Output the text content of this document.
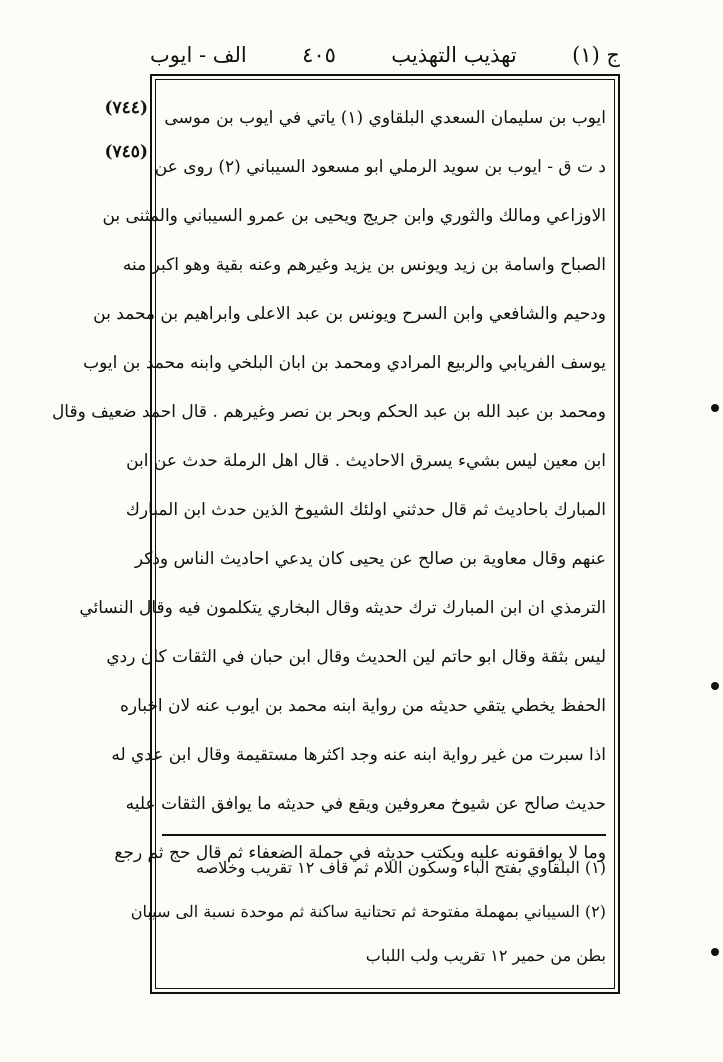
ج (۱)
تهذيب التهذيب
٤٠٥
الف - ايوب
(٧٤٤)
(٧٤٥)
ايوب بن سليمان السعدي البلقاوي (١) ياتي في ايوب بن موسى
د ت ق - ايوب بن سويد الرملي ابو مسعود السيباني (٢) روى عن
الاوزاعي ومالك والثوري وابن جريج ويحيى بن عمرو السيباني والمثنى بن
الصباح واسامة بن زيد ويونس بن يزيد وغيرهم وعنه بقية وهو اكبر منه
ودحيم والشافعي وابن السرح ويونس بن عبد الاعلى وابراهيم بن محمد بن
يوسف الفريابي والربيع المرادي ومحمد بن ابان البلخي وابنه محمد بن ايوب
ومحمد بن عبد الله بن عبد الحكم وبحر بن نصر وغيرهم . قال احمد ضعيف وقال
ابن معين ليس بشيء يسرق الاحاديث . قال اهل الرملة حدث عن ابن
المبارك باحاديث ثم قال حدثني اولئك الشيوخ الذين حدث ابن المبارك
عنهم وقال معاوية بن صالح عن يحيى كان يدعي احاديث الناس وذكر
الترمذي ان ابن المبارك ترك حديثه وقال البخاري يتكلمون فيه وقال النسائي
ليس بثقة وقال ابو حاتم لين الحديث وقال ابن حبان في الثقات كان ردي
الحفظ يخطي يتقي حديثه من رواية ابنه محمد بن ايوب عنه لان اخباره
اذا سبرت من غير رواية ابنه عنه وجد اكثرها مستقيمة وقال ابن عدي له
حديث صالح عن شيوخ معروفين ويقع في حديثه ما يوافق الثقات عليه
وما لا يوافقونه عليه ويكتب حديثه في جملة الضعفاء ثم قال حج ثم رجع
(١) البلقاوي بفتح الباء وسكون اللام ثم قاف ١٢ تقريب وخلاصه
(٢) السيباني بمهملة مفتوحة ثم تحتانية ساكنة ثم موحدة نسبة الى سيبان
بطن من حمير ١٢ تقريب ولب اللباب
